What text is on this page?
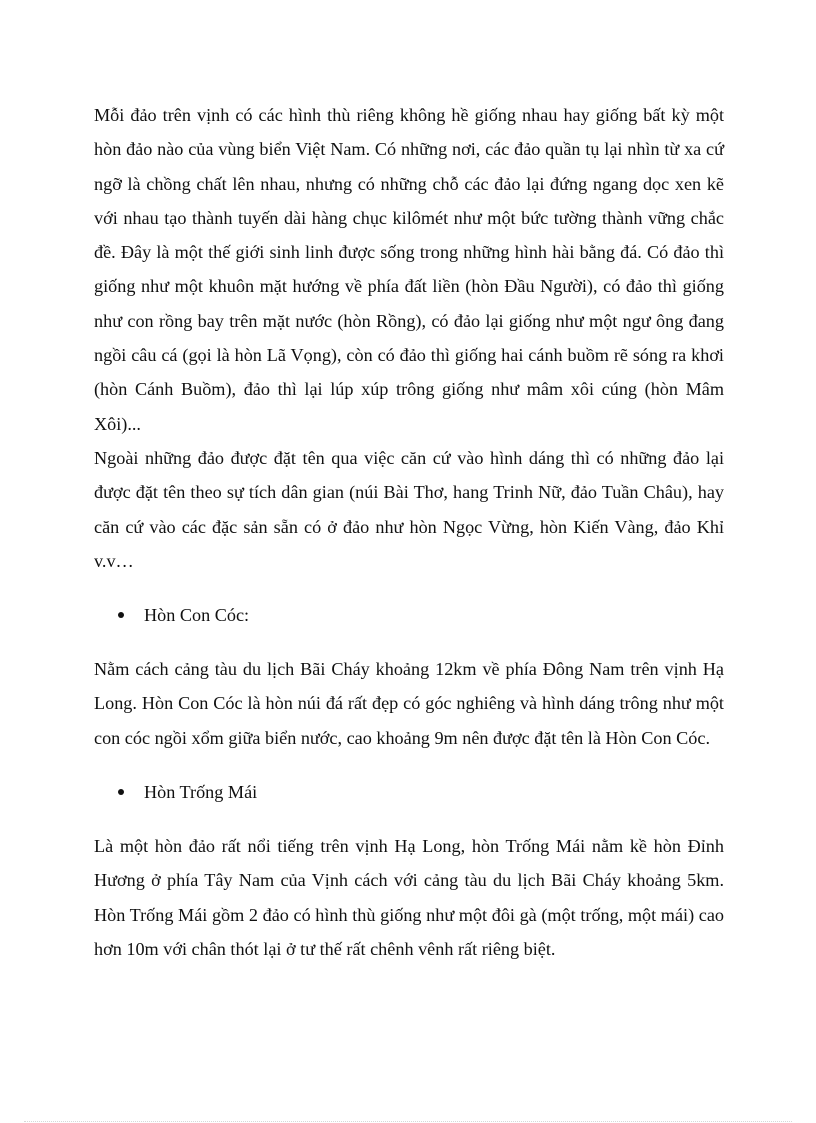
Mỗi đảo trên vịnh có các hình thù riêng không hề giống nhau hay giống bất kỳ một hòn đảo nào của vùng biển Việt Nam. Có những nơi, các đảo quần tụ lại nhìn từ xa cứ ngỡ là chồng chất lên nhau, nhưng có những chỗ các đảo lại đứng ngang dọc xen kẽ với nhau tạo thành tuyến dài hàng chục kilômét như một bức tường thành vững chắc đề. Đây là một thế giới sinh linh được sống trong những hình hài bằng đá. Có đảo thì giống như một khuôn mặt hướng về phía đất liền (hòn Đầu Người), có đảo thì giống như con rồng bay trên mặt nước (hòn Rồng), có đảo lại giống như một ngư ông đang ngồi câu cá (gọi là hòn Lã Vọng), còn có đảo thì giống hai cánh buồm rẽ sóng ra khơi (hòn Cánh Buồm), đảo thì lại lúp xúp trông giống như mâm xôi cúng (hòn Mâm Xôi)...

Ngoài những đảo được đặt tên qua việc căn cứ vào hình dáng thì có những đảo lại được đặt tên theo sự tích dân gian (núi Bài Thơ, hang Trinh Nữ, đảo Tuần Châu), hay căn cứ vào các đặc sản sẵn có ở đảo như hòn Ngọc Vừng, hòn Kiến Vàng, đảo Khỉ v.v…

Hòn Con Cóc:

Nằm cách cảng tàu du lịch Bãi Cháy khoảng 12km về phía Đông Nam trên vịnh Hạ Long. Hòn Con Cóc là hòn núi đá rất đẹp có góc nghiêng và hình dáng trông như một con cóc ngồi xổm giữa biển nước, cao khoảng 9m nên được đặt tên là Hòn Con Cóc.

Hòn Trống Mái

Là một hòn đảo rất nổi tiếng trên vịnh Hạ Long, hòn Trống Mái nằm kề hòn Đỉnh Hương ở phía Tây Nam của Vịnh cách với cảng tàu du lịch Bãi Cháy khoảng 5km. Hòn Trống Mái gồm 2 đảo có hình thù giống như một đôi gà (một trống, một mái) cao hơn 10m với chân thót lại ở tư thế rất chênh vênh rất riêng biệt.
